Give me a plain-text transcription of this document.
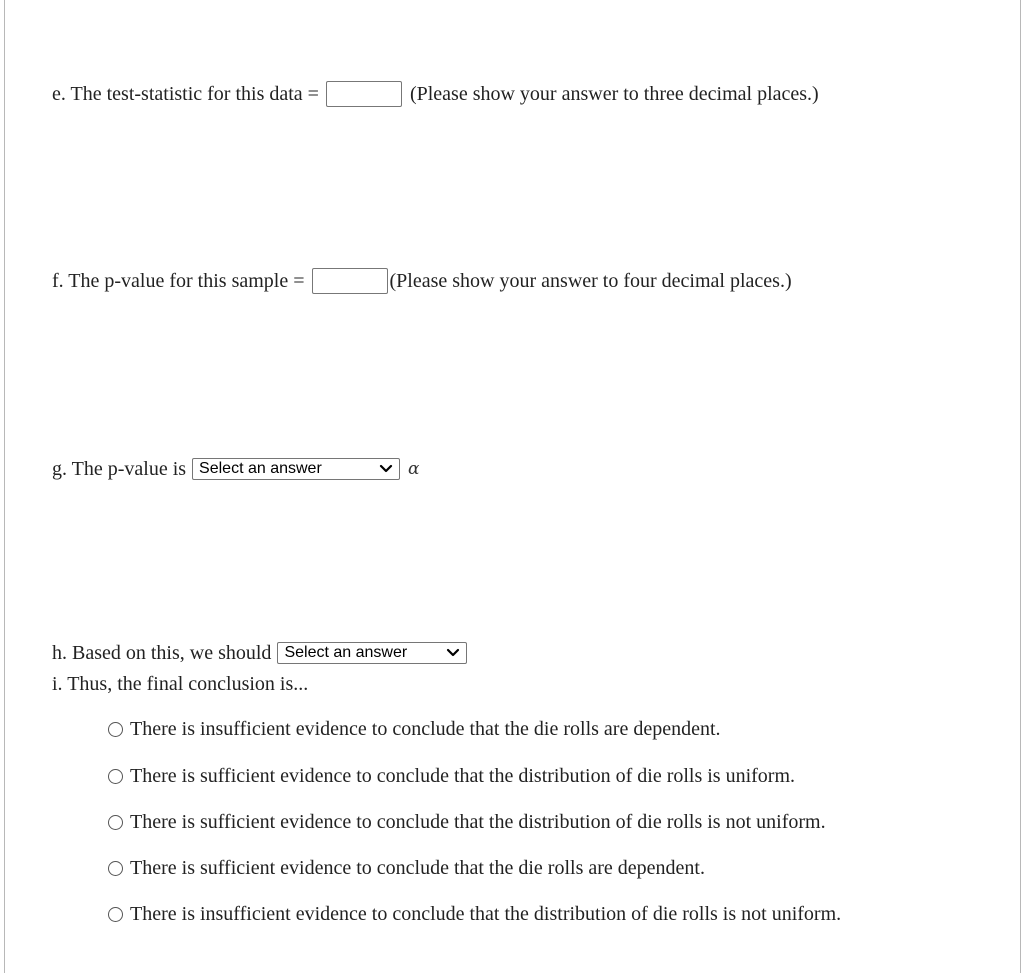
e. The test-statistic for this data =	(Please show your answer to three decimal places.)
f. The p-value for this sample =	(Please show your answer to four decimal places.)
g. The p-value is Select an answer	α
h. Based on this, we should Select an answer
i. Thus, the final conclusion is...
There is insufficient evidence to conclude that the die rolls are dependent.
There is sufficient evidence to conclude that the distribution of die rolls is uniform.
There is sufficient evidence to conclude that the distribution of die rolls is not uniform.
There is sufficient evidence to conclude that the die rolls are dependent.
There is insufficient evidence to conclude that the distribution of die rolls is not uniform.
